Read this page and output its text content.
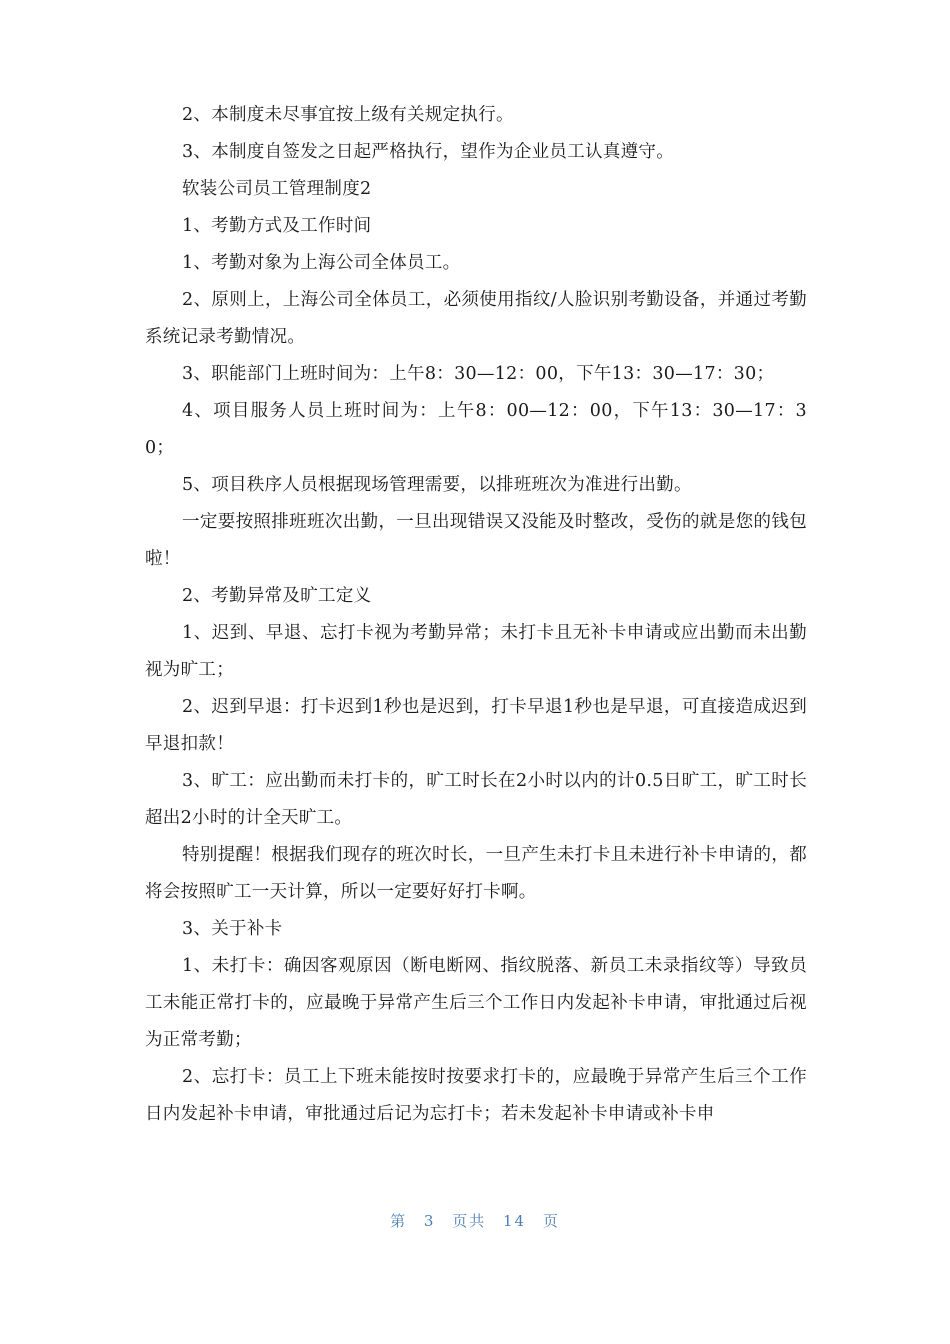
2、本制度未尽事宜按上级有关规定执行。

3、本制度自签发之日起严格执行，望作为企业员工认真遵守。

软装公司员工管理制度2

1、考勤方式及工作时间

1、考勤对象为上海公司全体员工。

2、原则上，上海公司全体员工，必须使用指纹/人脸识别考勤设备，并通过考勤系统记录考勤情况。

3、职能部门上班时间为：上午8：30—12：00，下午13：30—17：30；

4、项目服务人员上班时间为：上午8：00—12：00，下午13：30—17：30；

5、项目秩序人员根据现场管理需要，以排班班次为准进行出勤。

一定要按照排班班次出勤，一旦出现错误又没能及时整改，受伤的就是您的钱包啦！

2、考勤异常及旷工定义

1、迟到、早退、忘打卡视为考勤异常；未打卡且无补卡申请或应出勤而未出勤视为旷工；

2、迟到早退：打卡迟到1秒也是迟到，打卡早退1秒也是早退，可直接造成迟到早退扣款！

3、旷工：应出勤而未打卡的，旷工时长在2小时以内的计0.5日旷工，旷工时长超出2小时的计全天旷工。

特别提醒！根据我们现存的班次时长，一旦产生未打卡且未进行补卡申请的，都将会按照旷工一天计算，所以一定要好好打卡啊。

3、关于补卡

1、未打卡：确因客观原因（断电断网、指纹脱落、新员工未录指纹等）导致员工未能正常打卡的，应最晚于异常产生后三个工作日内发起补卡申请，审批通过后视为正常考勤；

2、忘打卡：员工上下班未能按时按要求打卡的，应最晚于异常产生后三个工作日内发起补卡申请，审批通过后记为忘打卡；若未发起补卡申请或补卡申

第 3 页共 14 页
